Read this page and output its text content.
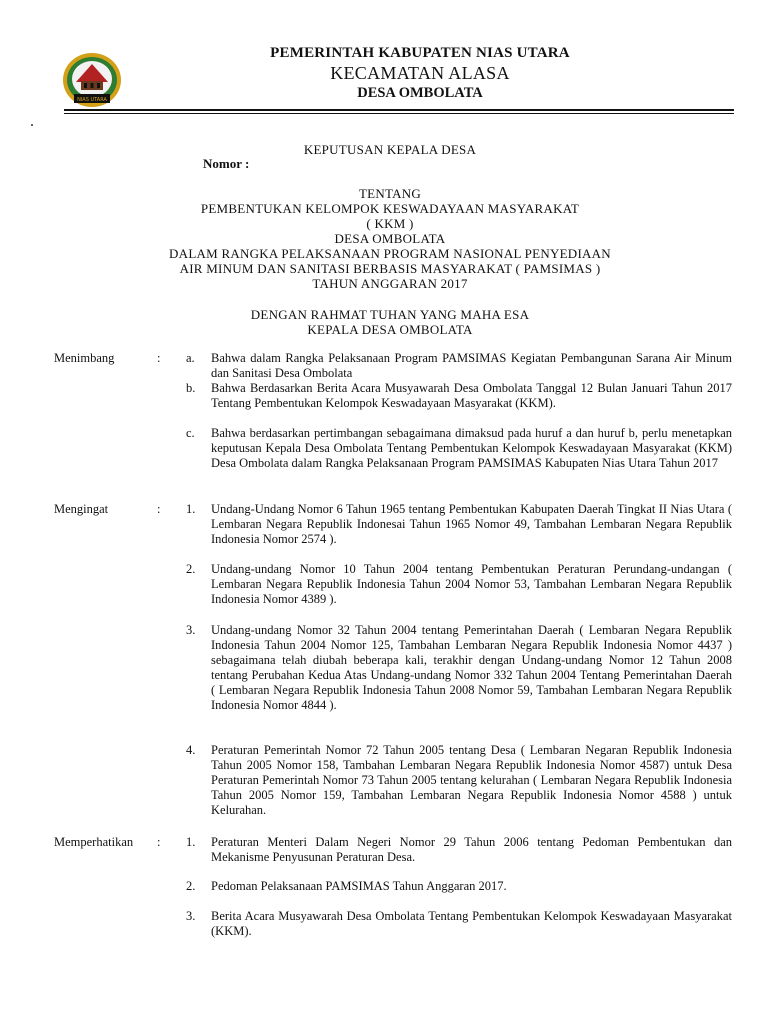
NIAS UTARA
PEMERINTAH KABUPATEN NIAS UTARA
KECAMATAN ALASA
DESA OMBOLATA
KEPUTUSAN KEPALA DESA
Nomor :
TENTANG
PEMBENTUKAN KELOMPOK KESWADAYAAN MASYARAKAT
( KKM )
DESA OMBOLATA
DALAM RANGKA PELAKSANAAN PROGRAM NASIONAL PENYEDIAAN
AIR MINUM DAN SANITASI BERBASIS MASYARAKAT ( PAMSIMAS )
TAHUN ANGGARAN 2017
DENGAN RAHMAT TUHAN YANG MAHA ESA
KEPALA DESA OMBOLATA
Menimbang	: a.	Bahwa dalam Rangka Pelaksanaan Program PAMSIMAS Kegiatan Pembangunan Sarana Air Minum dan Sanitasi Desa Ombolata
b.	Bahwa Berdasarkan Berita Acara Musyawarah Desa Ombolata Tanggal 12 Bulan Januari Tahun 2017 Tentang Pembentukan Kelompok Keswadayaan Masyarakat (KKM).
c.	Bahwa berdasarkan pertimbangan sebagaimana dimaksud pada huruf a dan huruf b, perlu menetapkan keputusan Kepala Desa Ombolata Tentang Pembentukan Kelompok Keswadayaan Masyarakat (KKM) Desa Ombolata dalam Rangka Pelaksanaan Program PAMSIMAS Kabupaten Nias Utara Tahun 2017
Mengingat	: 1.	Undang-Undang Nomor 6 Tahun 1965 tentang Pembentukan Kabupaten Daerah Tingkat II Nias Utara ( Lembaran Negara Republik Indonesai Tahun 1965 Nomor 49, Tambahan Lembaran Negara Republik Indonesia Nomor 2574 ).
2.	Undang-undang Nomor 10 Tahun 2004 tentang Pembentukan Peraturan Perundang-undangan ( Lembaran Negara Republik Indonesia Tahun 2004 Nomor 53, Tambahan Lembaran Negara Republik Indonesia Nomor 4389 ).
3.	Undang-undang Nomor 32 Tahun 2004 tentang Pemerintahan Daerah ( Lembaran Negara Republik Indonesia Tahun 2004 Nomor 125, Tambahan Lembaran Negara Republik Indonesia Nomor 4437 ) sebagaimana telah diubah beberapa kali, terakhir dengan Undang-undang Nomor 12 Tahun 2008 tentang Perubahan Kedua Atas Undang-undang Nomor 332 Tahun 2004 Tentang Pemerintahan Daerah ( Lembaran Negara Republik Indonesia Tahun 2008 Nomor 59, Tambahan Lembaran Negara Republik Indonesia Nomor 4844 ).
4.	Peraturan Pemerintah Nomor 72 Tahun 2005 tentang Desa ( Lembaran Negaran Republik Indonesia Tahun 2005 Nomor 158, Tambahan Lembaran Negara Republik Indonesia Nomor 4587) untuk Desa Peraturan Pemerintah Nomor 73 Tahun 2005 tentang kelurahan ( Lembaran Negara Republik Indonesia Tahun 2005 Nomor 159, Tambahan Lembaran Negara Republik Indonesia Nomor 4588 ) untuk Kelurahan.
Memperhatikan : 1.	Peraturan Menteri Dalam Negeri Nomor 29 Tahun 2006 tentang Pedoman Pembentukan dan Mekanisme Penyusunan Peraturan Desa.
2.	Pedoman Pelaksanaan PAMSIMAS Tahun Anggaran 2017.
3.	Berita Acara Musyawarah Desa Ombolata Tentang Pembentukan Kelompok Keswadayaan Masyarakat (KKM).
